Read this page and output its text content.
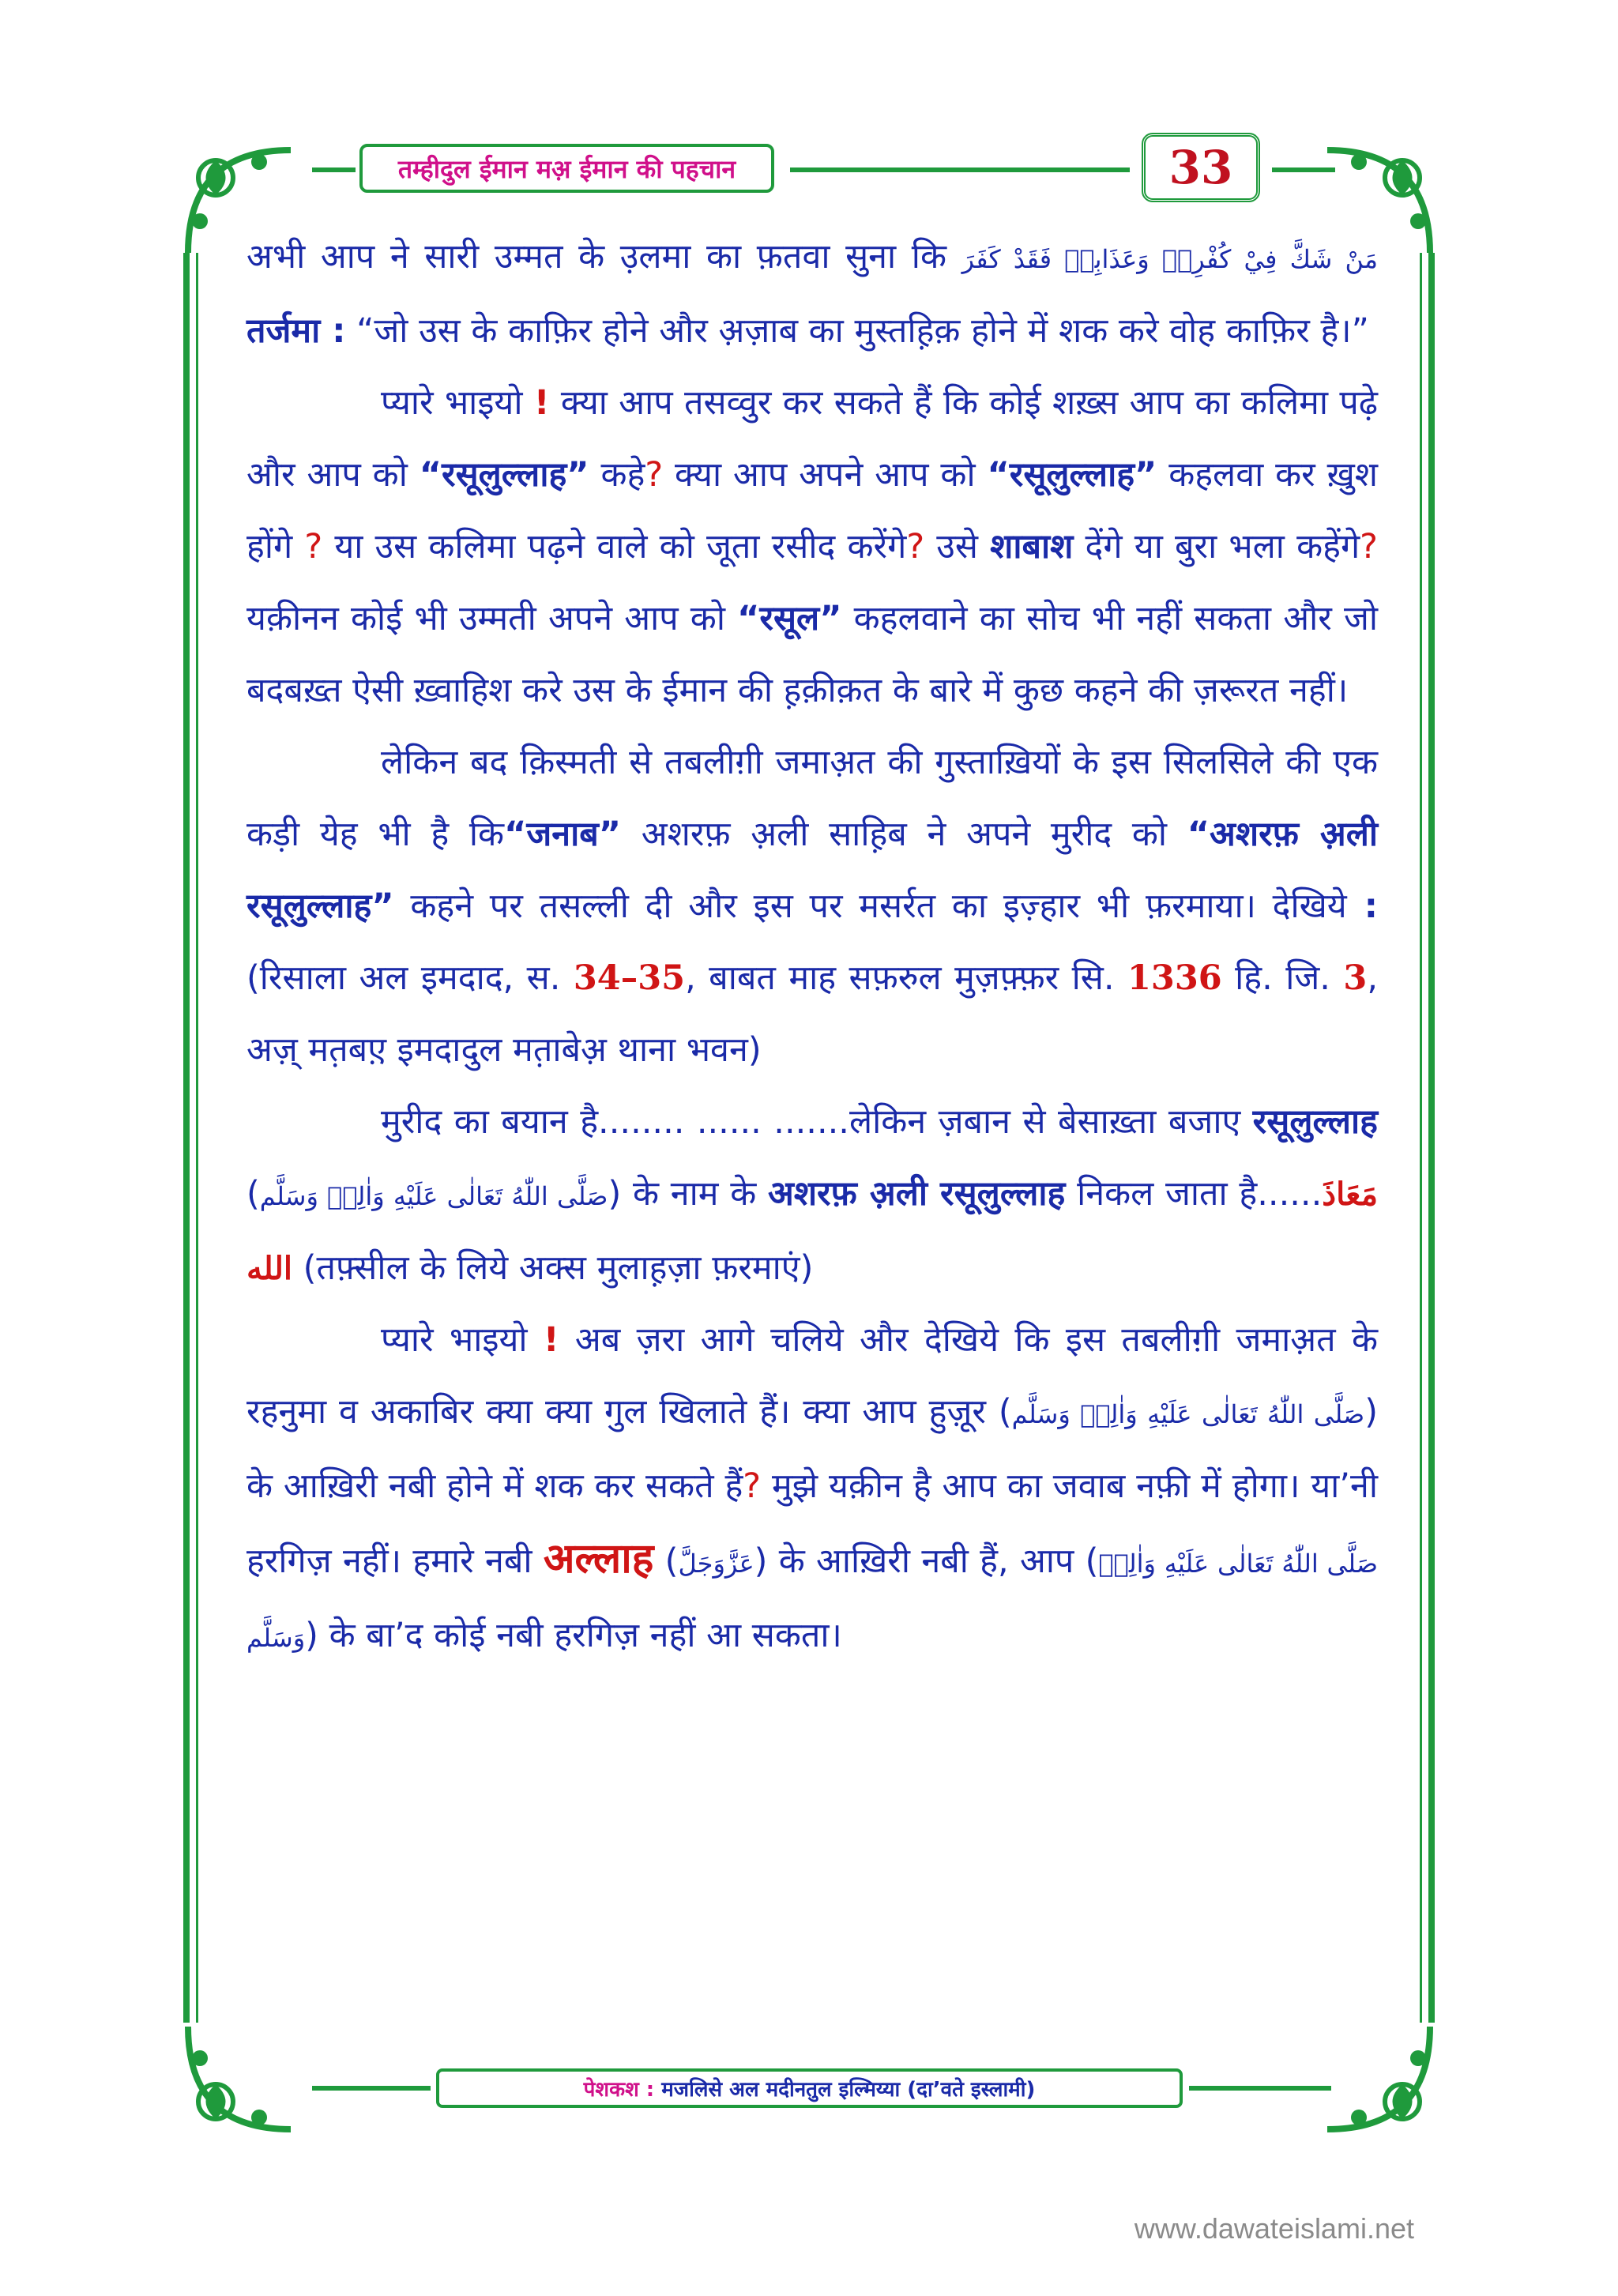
तम्हीदुल ईमान मअ़ ईमान की पहचान	33

अभी आप ने सारी उम्मत के उ़लमा का फ़तवा सुना कि مَنْ شَكَّ فِيْ كُفْرِهٖ وَعَذَابِهٖ فَقَدْ كَفَرَ तर्जमा : “जो उस के काफ़िर होने और अ़ज़ाब का मुस्तह़िक़ होने में शक करे वोह काफ़िर है।”

प्यारे भाइयो ! क्या आप तसव्वुर कर सकते हैं कि कोई शख़्स आप का कलिमा पढ़े और आप को “रसूलुल्लाह” कहे? क्या आप अपने आप को “रसूलुल्लाह” कहलवा कर ख़ुश होंगे ? या उस कलिमा पढ़ने वाले को जूता रसीद करेंगे? उसे शाबाश देंगे या बुरा भला कहेंगे? यक़ीनन कोई भी उम्मती अपने आप को “रसूल” कहलवाने का सोच भी नहीं सकता और जो बदबख़्त ऐसी ख़्वाहिश करे उस के ईमान की ह़क़ीक़त के बारे में कुछ कहने की ज़रूरत नहीं।

लेकिन बद क़िस्मती से तबलीग़ी जमाअ़त की गुस्ताख़ियों के इस सिलसिले की एक कड़ी येह भी है कि“जनाब” अशरफ़ अ़ली साह़िब ने अपने मुरीद को “अशरफ़ अ़ली रसूलुल्लाह” कहने पर तसल्ली दी और इस पर मसर्रत का इज़्हार भी फ़रमाया। देखिये : (रिसाला अल इमदाद, स. 34–35, बाबत माह सफ़रुल मुज़फ़्फ़र सि. 1336 हि. जि. 3, अज़् मत़बए़ इमदादुल मत़ाबेअ़ थाना भवन)

मुरीद का बयान है........ ...... .......लेकिन ज़बान से बेसाख़्ता बजाए रसूलुल्लाह (صَلَّى اللّٰهُ تَعَالٰى عَلَيْهِ وَاٰلِهٖ وَسَلَّم) के नाम के अशरफ़ अ़ली रसूलुल्लाह निकल जाता है......مَعَاذَ الله (तफ़्सील के लिये अक्स मुलाह़ज़ा फ़रमाएं)

प्यारे भाइयो ! अब ज़रा आगे चलिये और देखिये कि इस तबलीग़ी जमाअ़त के रहनुमा व अकाबिर क्या क्या गुल खिलाते हैं। क्या आप हुज़ूर (صَلَّى اللّٰهُ تَعَالٰى عَلَيْهِ وَاٰلِهٖ وَسَلَّم) के आख़िरी नबी होने में शक कर सकते हैं? मुझे यक़ीन है आप का जवाब नफ़ी में होगा। या’नी हरगिज़ नहीं। हमारे नबी अल्लाह (عَزَّوَجَلَّ) के आख़िरी नबी हैं, आप (صَلَّى اللّٰهُ تَعَالٰى عَلَيْهِ وَاٰلِهٖ وَسَلَّم) के बा’द कोई नबी हरगिज़ नहीं आ सकता।

पेशकश : मजलिसे अल मदीनतुल इल्मिय्या (दा’वते इस्लामी)
www.dawateislami.net
